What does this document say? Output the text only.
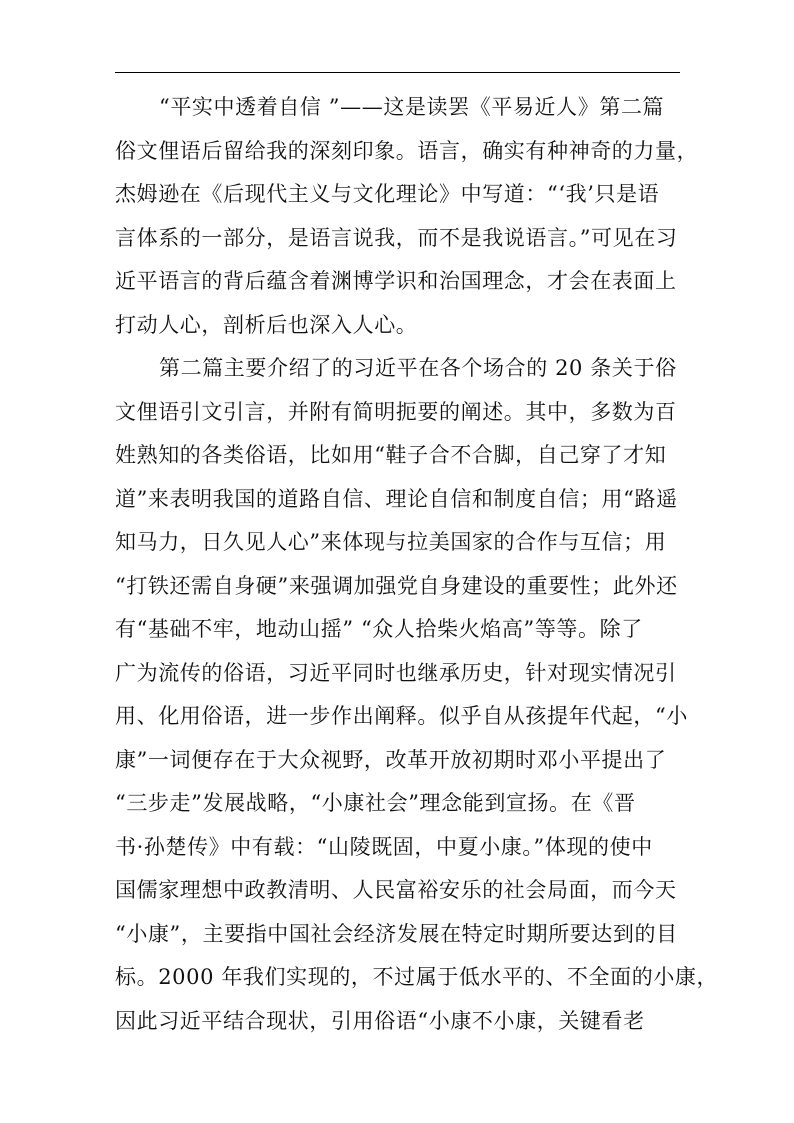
“平实中透着自信 ”——这是读罢《平易近人》第二篇
俗文俚语后留给我的深刻印象。语言，确实有种神奇的力量，
杰姆逊在《后现代主义与文化理论》中写道：“‘我’只是语
言体系的一部分，是语言说我，而不是我说语言。”可见在习
近平语言的背后蕴含着渊博学识和治国理念，才会在表面上
打动人心，剖析后也深入人心。
第二篇主要介绍了的习近平在各个场合的 20 条关于俗
文俚语引文引言，并附有简明扼要的阐述。其中，多数为百
姓熟知的各类俗语，比如用“鞋子合不合脚，自己穿了才知
道”来表明我国的道路自信、理论自信和制度自信；用“路遥
知马力，日久见人心”来体现与拉美国家的合作与互信；用
“打铁还需自身硬”来强调加强党自身建设的重要性；此外还
有“基础不牢，地动山摇” “众人拾柴火焰高”等等。除了
广为流传的俗语，习近平同时也继承历史，针对现实情况引
用、化用俗语，进一步作出阐释。似乎自从孩提年代起，“小
康”一词便存在于大众视野，改革开放初期时邓小平提出了
“三步走”发展战略，“小康社会”理念能到宣扬。在《晋
书·孙楚传》中有载：“山陵既固，中夏小康。”体现的使中
国儒家理想中政教清明、人民富裕安乐的社会局面，而今天
“小康”，主要指中国社会经济发展在特定时期所要达到的目
标。2000 年我们实现的，不过属于低水平的、不全面的小康，
因此习近平结合现状，引用俗语“小康不小康，关键看老
